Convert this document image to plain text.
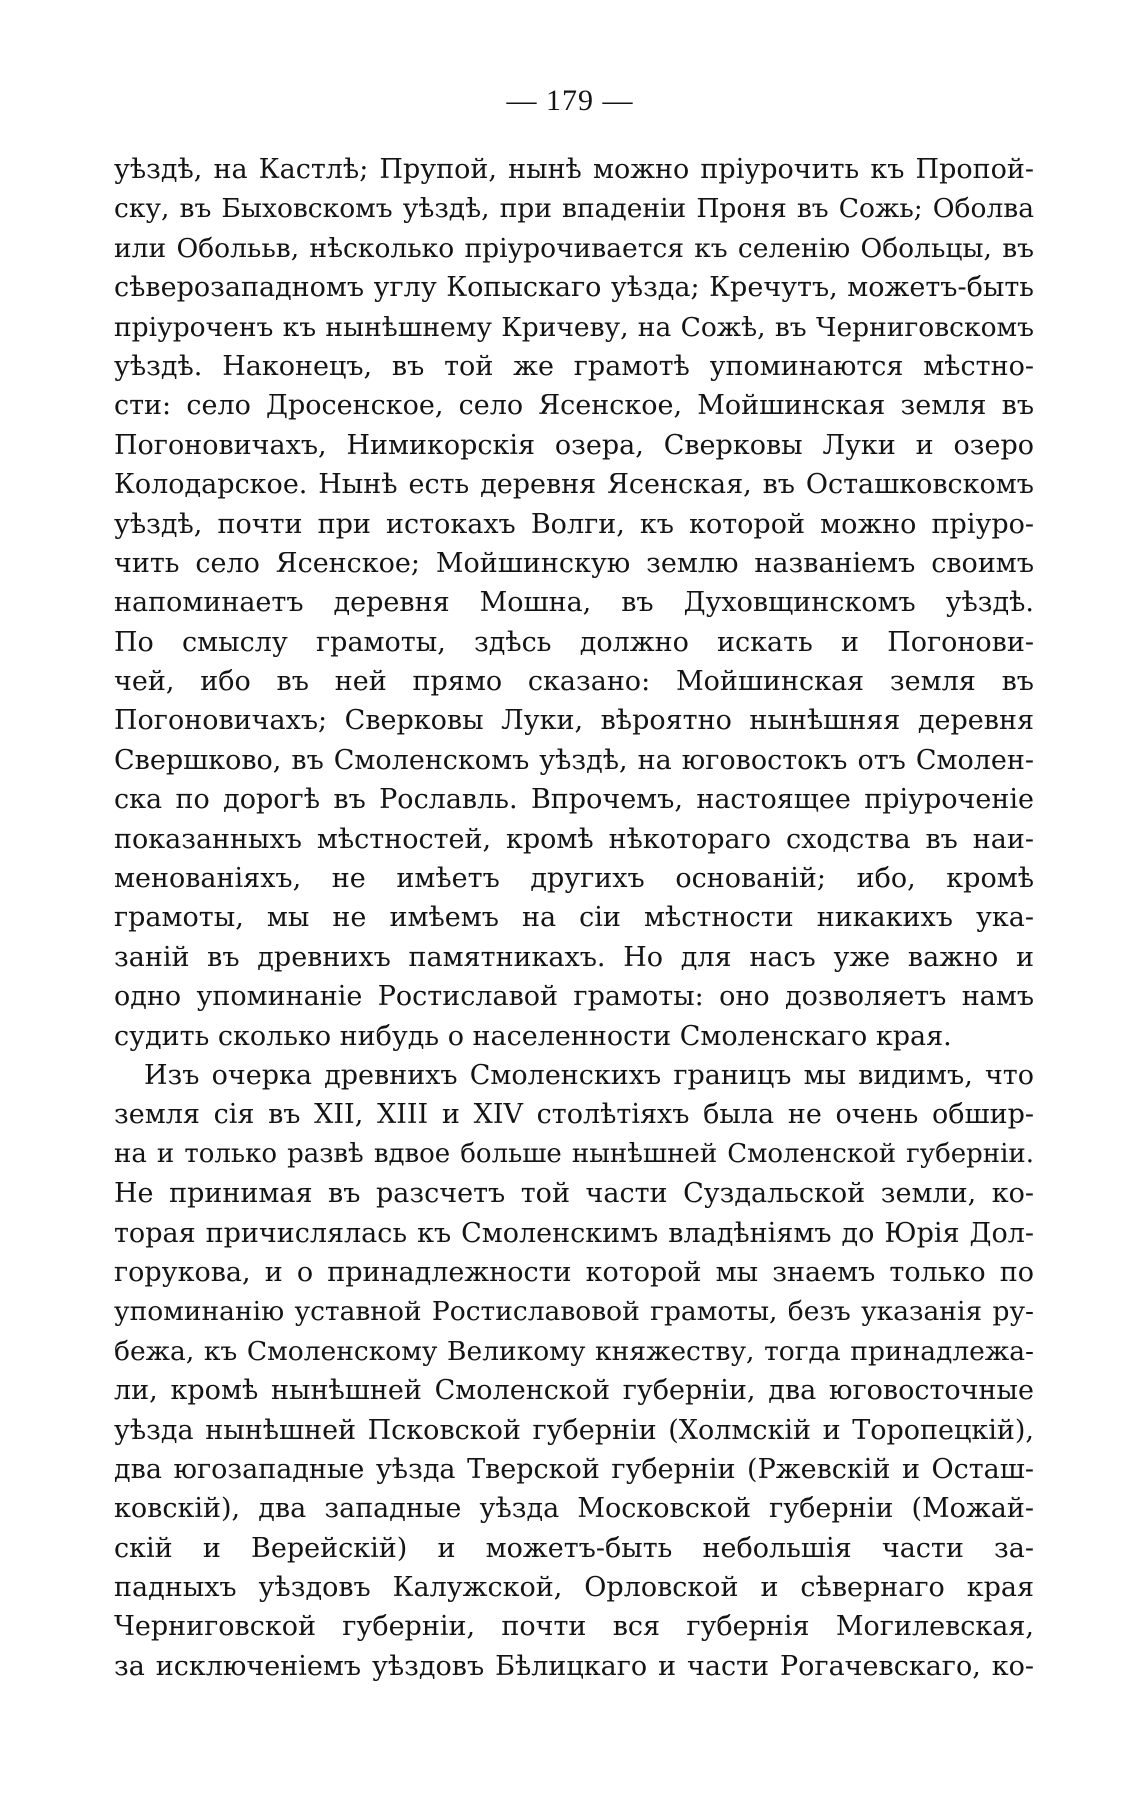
— 179 —
уѣздѣ, на Кастлѣ; Прупой, нынѣ можно пріурочить къ Пропой-
ску, въ Быховскомъ уѣздѣ, при впаденіи Проня въ Сожь; Оболва
или Оболььв, нѣсколько пріурочивается къ селенію Обольцы, въ
сѣверозападномъ углу Копыскаго уѣзда; Кречутъ, можетъ-быть
пріуроченъ къ нынѣшнему Кричеву, на Сожѣ, въ Черниговскомъ
уѣздѣ. Наконецъ, въ той же грамотѣ упоминаются мѣстно-
сти: село Дросенское, село Ясенское, Мойшинская земля въ
Погоновичахъ, Нимикорскія озера, Сверковы Луки и озеро
Колодарское. Нынѣ есть деревня Ясенская, въ Осташковскомъ
уѣздѣ, почти при истокахъ Волги, къ которой можно пріуро-
чить село Ясенское; Мойшинскую землю названіемъ своимъ
напоминаетъ деревня Мошна, въ Духовщинскомъ уѣздѣ.
По смыслу грамоты, здѣсь должно искать и Погонови-
чей, ибо въ ней прямо сказано: Мойшинская земля въ
Погоновичахъ; Сверковы Луки, вѣроятно нынѣшняя деревня
Свершково, въ Смоленскомъ уѣздѣ, на юговостокъ отъ Смолен-
ска по дорогѣ въ Рославль. Впрочемъ, настоящее пріуроченіе
показанныхъ мѣстностей, кромѣ нѣкотораго сходства въ наи-
менованіяхъ, не имѣетъ другихъ основаній; ибо, кромѣ
грамоты, мы не имѣемъ на сіи мѣстности никакихъ ука-
заній въ древнихъ памятникахъ. Но для насъ уже важно и
одно упоминаніе Ростиславой грамоты: оно дозволяетъ намъ
судить сколько нибудь о населенности Смоленскаго края.
Изъ очерка древнихъ Смоленскихъ границъ мы видимъ, что
земля сія въ XII, XIII и XIV столѣтіяхъ была не очень обшир-
на и только развѣ вдвое больше нынѣшней Смоленской губерніи.
Не принимая въ разсчетъ той части Суздальской земли, ко-
торая причислялась къ Смоленскимъ владѣніямъ до Юрія Дол-
горукова, и о принадлежности которой мы знаемъ только по
упоминанію уставной Ростиславовой грамоты, безъ указанія ру-
бежа, къ Смоленскому Великому княжеству, тогда принадлежа-
ли, кромѣ нынѣшней Смоленской губерніи, два юговосточные
уѣзда нынѣшней Псковской губерніи (Холмскій и Торопецкій),
два югозападные уѣзда Тверской губерніи (Ржевскій и Осташ-
ковскій), два западные уѣзда Московской губерніи (Можай-
скій и Верейскій) и можетъ-быть небольшія части за-
падныхъ уѣздовъ Калужской, Орловской и сѣвернаго края
Черниговской губерніи, почти вся губернія Могилевская,
за исключеніемъ уѣздовъ Бѣлицкаго и части Рогачевскаго, ко-
